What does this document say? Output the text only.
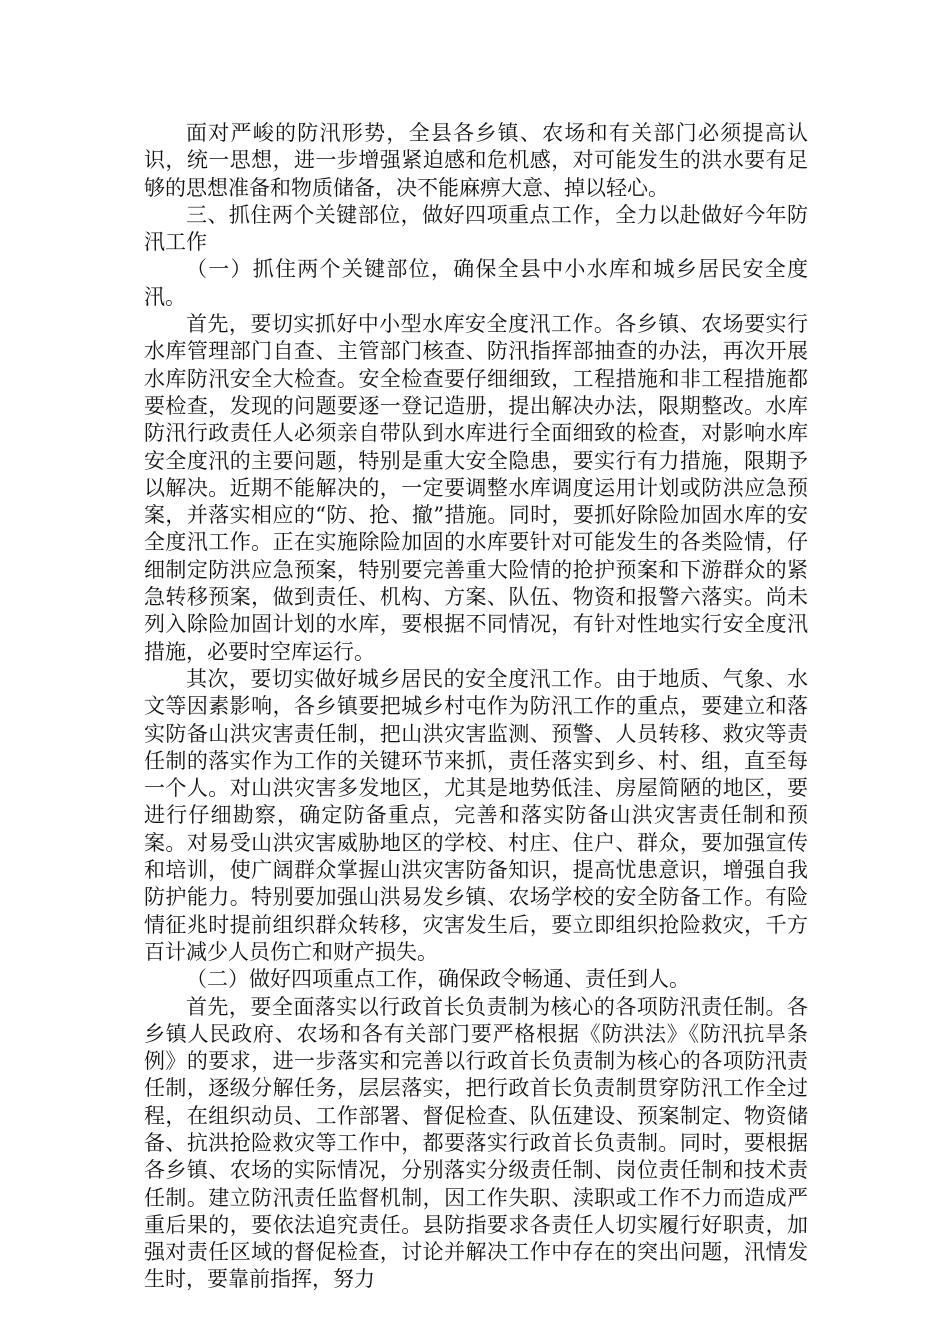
面对严峻的防汛形势，全县各乡镇、农场和有关部门必须提高认识，统一思想，进一步增强紧迫感和危机感，对可能发生的洪水要有足够的思想准备和物质储备，决不能麻痹大意、掉以轻心。

三、抓住两个关键部位，做好四项重点工作，全力以赴做好今年防汛工作

（一）抓住两个关键部位，确保全县中小水库和城乡居民安全度汛。

首先，要切实抓好中小型水库安全度汛工作。各乡镇、农场要实行水库管理部门自查、主管部门核查、防汛指挥部抽查的办法，再次开展水库防汛安全大检查。安全检查要仔细细致，工程措施和非工程措施都要检查，发现的问题要逐一登记造册，提出解决办法，限期整改。水库防汛行政责任人必须亲自带队到水库进行全面细致的检查，对影响水库安全度汛的主要问题，特别是重大安全隐患，要实行有力措施，限期予以解决。近期不能解决的，一定要调整水库调度运用计划或防洪应急预案，并落实相应的“防、抢、撤”措施。同时，要抓好除险加固水库的安全度汛工作。正在实施除险加固的水库要针对可能发生的各类险情，仔细制定防洪应急预案，特别要完善重大险情的抢护预案和下游群众的紧急转移预案，做到责任、机构、方案、队伍、物资和报警六落实。尚未列入除险加固计划的水库，要根据不同情况，有针对性地实行安全度汛措施，必要时空库运行。

其次，要切实做好城乡居民的安全度汛工作。由于地质、气象、水文等因素影响，各乡镇要把城乡村屯作为防汛工作的重点，要建立和落实防备山洪灾害责任制，把山洪灾害监测、预警、人员转移、救灾等责任制的落实作为工作的关键环节来抓，责任落实到乡、村、组，直至每一个人。对山洪灾害多发地区，尤其是地势低洼、房屋简陋的地区，要进行仔细勘察，确定防备重点，完善和落实防备山洪灾害责任制和预案。对易受山洪灾害威胁地区的学校、村庄、住户、群众，要加强宣传和培训，使广阔群众掌握山洪灾害防备知识，提高忧患意识，增强自我防护能力。特别要加强山洪易发乡镇、农场学校的安全防备工作。有险情征兆时提前组织群众转移，灾害发生后，要立即组织抢险救灾，千方百计减少人员伤亡和财产损失。

（二）做好四项重点工作，确保政令畅通、责任到人。

首先，要全面落实以行政首长负责制为核心的各项防汛责任制。各乡镇人民政府、农场和各有关部门要严格根据《防洪法》《防汛抗旱条例》的要求，进一步落实和完善以行政首长负责制为核心的各项防汛责任制，逐级分解任务，层层落实，把行政首长负责制贯穿防汛工作全过程，在组织动员、工作部署、督促检查、队伍建设、预案制定、物资储备、抗洪抢险救灾等工作中，都要落实行政首长负责制。同时，要根据各乡镇、农场的实际情况，分别落实分级责任制、岗位责任制和技术责任制。建立防汛责任监督机制，因工作失职、渎职或工作不力而造成严重后果的，要依法追究责任。县防指要求各责任人切实履行好职责，加强对责任区域的督促检查，讨论并解决工作中存在的突出问题，汛情发生时，要靠前指挥，努力
